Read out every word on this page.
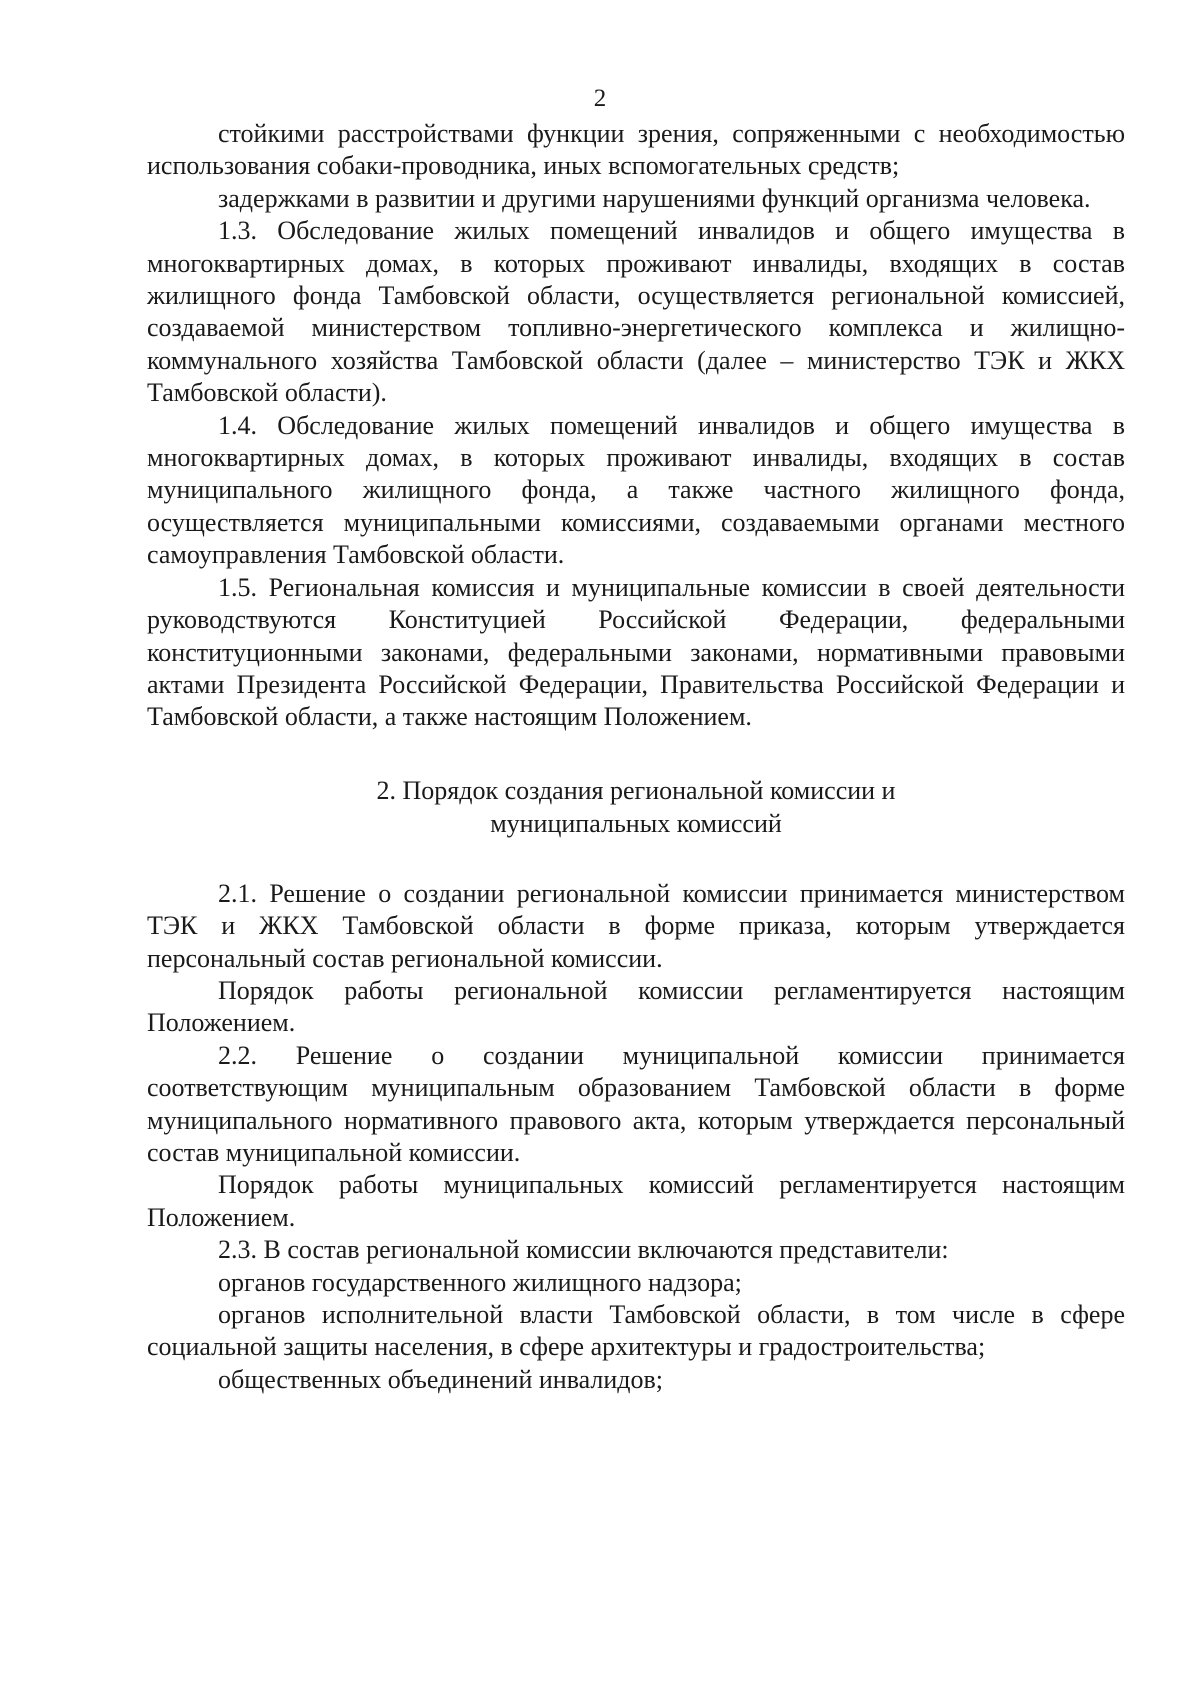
2

стойкими расстройствами функции зрения, сопряженными с необходимостью использования собаки-проводника, иных вспомогательных средств;

задержками в развитии и другими нарушениями функций организма человека.

1.3. Обследование жилых помещений инвалидов и общего имущества в многоквартирных домах, в которых проживают инвалиды, входящих в состав жилищного фонда Тамбовской области, осуществляется региональной комиссией, создаваемой министерством топливно-энергетического комплекса и жилищно-коммунального хозяйства Тамбовской области (далее – министерство ТЭК и ЖКХ Тамбовской области).

1.4. Обследование жилых помещений инвалидов и общего имущества в многоквартирных домах, в которых проживают инвалиды, входящих в состав муниципального жилищного фонда, а также частного жилищного фонда, осуществляется муниципальными комиссиями, создаваемыми органами местного самоуправления Тамбовской области.

1.5. Региональная комиссия и муниципальные комиссии в своей деятельности руководствуются Конституцией Российской Федерации, федеральными конституционными законами, федеральными законами, нормативными правовыми актами Президента Российской Федерации, Правительства Российской Федерации и Тамбовской области, а также настоящим Положением.

2. Порядок создания региональной комиссии и
муниципальных комиссий

2.1. Решение о создании региональной комиссии принимается министерством ТЭК и ЖКХ Тамбовской области в форме приказа, которым утверждается персональный состав региональной комиссии.

Порядок работы региональной комиссии регламентируется настоящим Положением.

2.2. Решение о создании муниципальной комиссии принимается соответствующим муниципальным образованием Тамбовской области в форме муниципального нормативного правового акта, которым утверждается персональный состав муниципальной комиссии.

Порядок работы муниципальных комиссий регламентируется настоящим Положением.

2.3. В состав региональной комиссии включаются представители:

органов государственного жилищного надзора;

органов исполнительной власти Тамбовской области, в том числе в сфере социальной защиты населения, в сфере архитектуры и градостроительства;

общественных объединений инвалидов;
